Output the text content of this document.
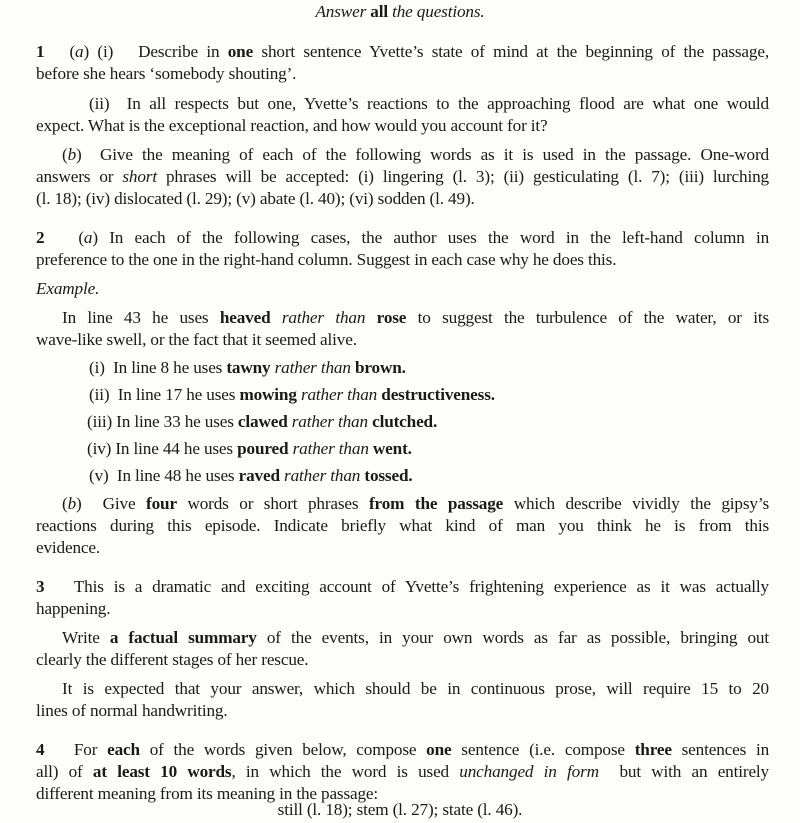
Answer all the questions.
1   (a) (i)   Describe in one short sentence Yvette’s state of mind at the beginning of the passage,
before she hears ‘somebody shouting’.
(ii)  In all respects but one, Yvette’s reactions to the approaching flood are what one would
expect. What is the exceptional reaction, and how would you account for it?
(b)  Give the meaning of each of the following words as it is used in the passage. One-word
answers or short phrases will be accepted: (i) lingering (l. 3); (ii) gesticulating (l. 7); (iii) lurching
(l. 18); (iv) dislocated (l. 29); (v) abate (l. 40); (vi) sodden (l. 49).
2   (a) In each of the following cases, the author uses the word in the left-hand column in
preference to the one in the right-hand column. Suggest in each case why he does this.
Example.
In line 43 he uses heaved rather than rose to suggest the turbulence of the water, or its
wave-like swell, or the fact that it seemed alive.
(i)  In line 8 he uses tawny rather than brown.
(ii)  In line 17 he uses mowing rather than destructiveness.
(iii) In line 33 he uses clawed rather than clutched.
(iv) In line 44 he uses poured rather than went.
(v)  In line 48 he uses raved rather than tossed.
(b)  Give four words or short phrases from the passage which describe vividly the gipsy’s
reactions during this episode. Indicate briefly what kind of man you think he is from this
evidence.
3   This is a dramatic and exciting account of Yvette’s frightening experience as it was actually
happening.
Write a factual summary of the events, in your own words as far as possible, bringing out
clearly the different stages of her rescue.
It is expected that your answer, which should be in continuous prose, will require 15 to 20
lines of normal handwriting.
4   For each of the words given below, compose one sentence (i.e. compose three sentences in
all) of at least 10 words, in which the word is used unchanged in form  but with an entirely
different meaning from its meaning in the passage:
still (l. 18); stem (l. 27); state (l. 46).
